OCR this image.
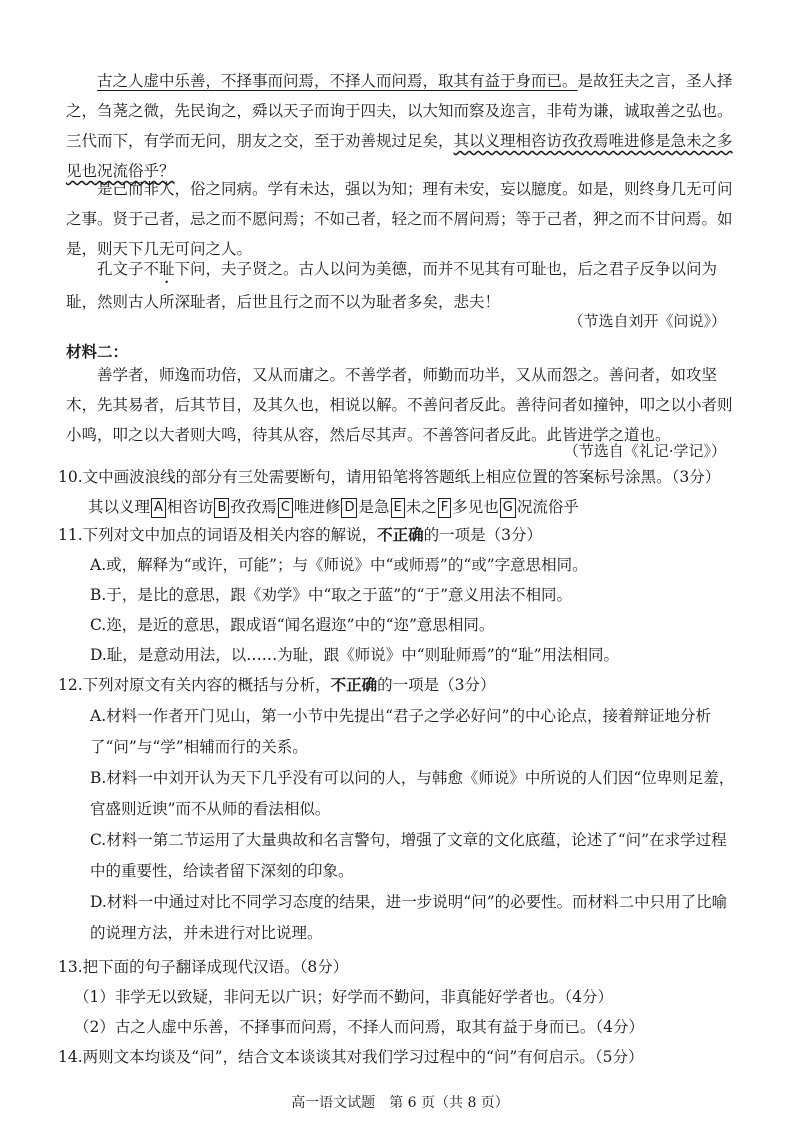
古之人虚中乐善，不择事而问焉，不择人而问焉，取其有益于身而已。是故狂夫之言，圣人择之，刍荛之微，先民询之，舜以天子而询于四夫，以大知而察及迩言，非苟为谦，诚取善之弘也。三代而下，有学而无问，朋友之交，至于劝善规过足矣，其以义理相咨访孜孜焉唯进修是急未之多见也况流俗乎？
是己而非人，俗之同病。学有未达，强以为知；理有未安，妄以臆度。如是，则终身几无可问之事。贤于己者，忌之而不愿问焉；不如己者，轻之而不屑问焉；等于己者，狎之而不甘问焉。如是，则天下几无可问之人。
孔文子不耻下问，夫子贤之。古人以问为美德，而并不见其有可耻也，后之君子反争以问为耻，然则古人所深耻者，后世且行之而不以为耻者多矣，悲夫！
（节选自刘开《问说》）
材料二：
善学者，师逸而功倍，又从而庸之。不善学者，师勤而功半，又从而怨之。善问者，如攻坚木，先其易者，后其节目，及其久也，相说以解。不善问者反此。善待问者如撞钟，叩之以小者则小鸣，叩之以大者则大鸣，待其从容，然后尽其声。不善答问者反此。此皆进学之道也。
（节选自《礼记·学记》）
10.文中画波浪线的部分有三处需要断句，请用铅笔将答题纸上相应位置的答案标号涂黑。（3分）
其以义理 A 相咨访 B 孜孜焉 C 唯进修 D 是急 E 未之 F 多见也 G 况流俗乎
11.下列对文中加点的词语及相关内容的解说，不正确的一项是（3分）
A.或，解释为“或许，可能”；与《师说》中“或师焉”的“或”字意思相同。
B.于，是比的意思，跟《劝学》中“取之于蓝”的“于”意义用法不相同。
C.迩，是近的意思，跟成语“闻名遐迩”中的“迩”意思相同。
D.耻，是意动用法，以……为耻，跟《师说》中“则耻师焉”的“耻”用法相同。
12.下列对原文有关内容的概括与分析，不正确的一项是（3分）
A.材料一作者开门见山，第一小节中先提出“君子之学必好问”的中心论点，接着辩证地分析了“问”与“学”相辅而行的关系。
B.材料一中刘开认为天下几乎没有可以问的人，与韩愈《师说》中所说的人们因“位卑则足羞，官盛则近谀”而不从师的看法相似。
C.材料一第二节运用了大量典故和名言警句，增强了文章的文化底蕴，论述了“问”在求学过程中的重要性，给读者留下深刻的印象。
D.材料一中通过对比不同学习态度的结果，进一步说明“问”的必要性。而材料二中只用了比喻的说理方法，并未进行对比说理。
13.把下面的句子翻译成现代汉语。（8分）
（1）非学无以致疑，非问无以广识；好学而不勤问，非真能好学者也。（4分）
（2）古之人虚中乐善，不择事而问焉，不择人而问焉，取其有益于身而已。（4分）
14.两则文本均谈及“问”，结合文本谈谈其对我们学习过程中的“问”有何启示。（5分）
高一语文试题　第 6 页（共 8 页）
